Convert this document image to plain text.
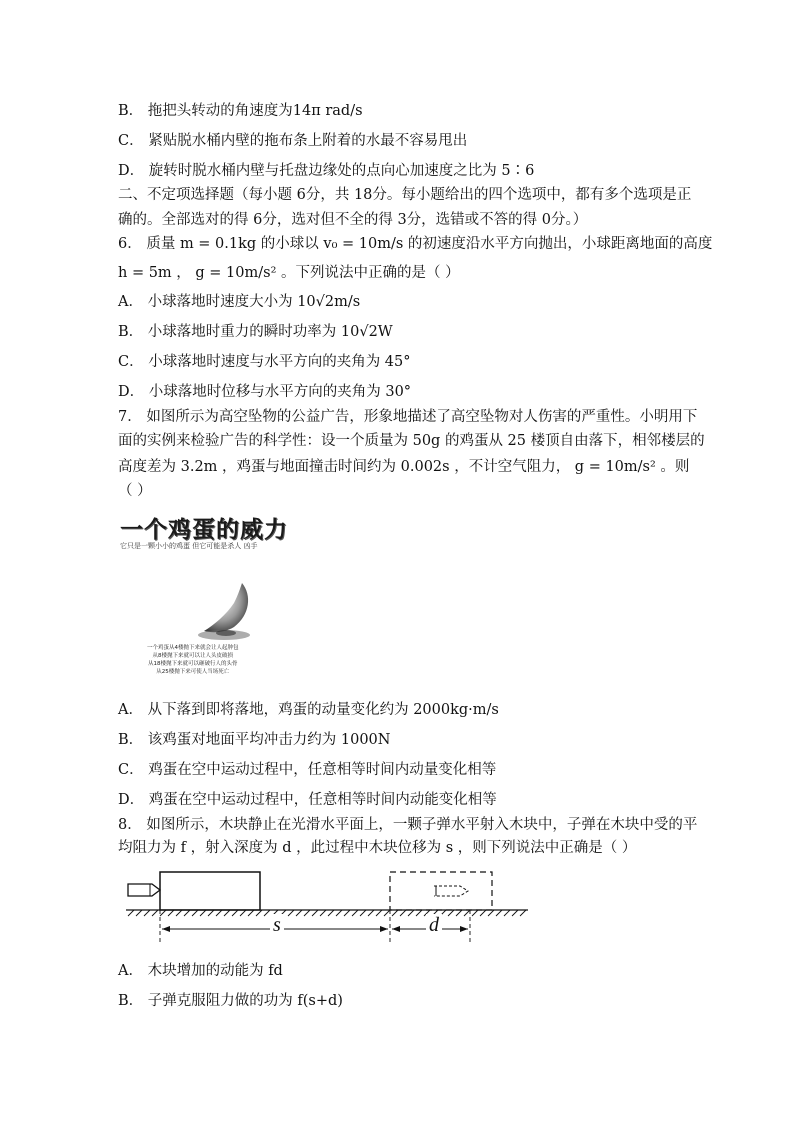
B． 拖把头转动的角速度为14π rad/s
C． 紧贴脱水桶内壁的拖布条上附着的水最不容易甩出
D． 旋转时脱水桶内壁与托盘边缘处的点向心加速度之比为 5∶6
二、不定项选择题（每小题 6分，共 18分。每小题给出的四个选项中，都有多个选项是正
确的。全部选对的得 6分，选对但不全的得 3分，选错或不答的得 0分。）
6． 质量 m = 0.1kg 的小球以 v₀ = 10m/s 的初速度沿水平方向抛出，小球距离地面的高度
h = 5m ， g = 10m/s² 。下列说法中正确的是（ ）
A． 小球落地时速度大小为 10√2m/s
B． 小球落地时重力的瞬时功率为 10√2W
C． 小球落地时速度与水平方向的夹角为 45°
D． 小球落地时位移与水平方向的夹角为 30°
7． 如图所示为高空坠物的公益广告，形象地描述了高空坠物对人伤害的严重性。小明用下
面的实例来检验广告的科学性：设一个质量为 50g 的鸡蛋从 25 楼顶自由落下，相邻楼层的
高度差为 3.2m ，鸡蛋与地面撞击时间约为 0.002s ，不计空气阻力， g = 10m/s² 。则
（ ）
一个鸡蛋的威力
它只是一颗小小的鸡蛋 但它可能是杀人 凶手
一个鸡蛋从4楼抛下来就会让人起肿包
从8楼抛下来就可以让人头皮破损
从18楼抛下来就可以砸破行人的头骨
从25楼抛下来可使人当场死亡
A． 从下落到即将落地，鸡蛋的动量变化约为 2000kg·m/s
B． 该鸡蛋对地面平均冲击力约为 1000N
C． 鸡蛋在空中运动过程中，任意相等时间内动量变化相等
D． 鸡蛋在空中运动过程中，任意相等时间内动能变化相等
8． 如图所示，木块静止在光滑水平面上，一颗子弹水平射入木块中，子弹在木块中受的平
均阻力为 f ，射入深度为 d ，此过程中木块位移为 s ，则下列说法中正确是（ ）
s	d
A． 木块增加的动能为 fd
B． 子弹克服阻力做的功为 f(s+d)
